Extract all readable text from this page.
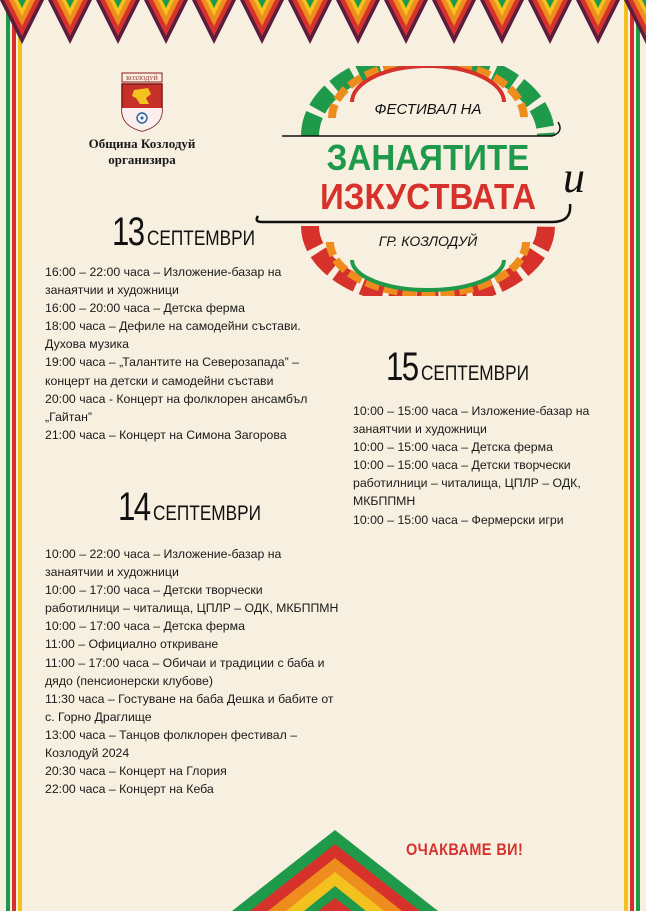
КОЗЛОДУЙ
Община Козлодуй
организира
ФЕСТИВАЛ НА
ЗАНАЯТИТЕ
ИЗКУСТВАТА и
ГР. КОЗЛОДУЙ
13 СЕПТЕМВРИ
16:00 – 22:00 часа – Изложение-базар на
занаятчии и художници
16:00 – 20:00 часа – Детска ферма
18:00 часа – Дефиле на самодейни състави.
Духова музика
19:00 часа – „Талантите на Северозапада” –
концерт на детски и самодейни състави
20:00 часа - Концерт на фолклорен ансамбъл
„Гайтан”
21:00 часа – Концерт на Симона Загорова
15 СЕПТЕМВРИ
10:00 – 15:00 часа – Изложение-базар на
занаятчии и художници
10:00 – 15:00 часа – Детска ферма
10:00 – 15:00 часа – Детски творчески
работилници – читалища, ЦПЛР – ОДК,
МКБППМН
10:00 – 15:00 часа – Фермерски игри
14 СЕПТЕМВРИ
10:00 – 22:00 часа – Изложение-базар на
занаятчии и художници
10:00 – 17:00 часа – Детски творчески
работилници – читалища, ЦПЛР – ОДК, МКБППМН
10:00 – 17:00 часа – Детска ферма
11:00 – Официално откриване
11:00 – 17:00 часа – Обичаи и традиции с баба и
дядо (пенсионерски клубове)
11:30 часа – Гостуване на баба Дешка и бабите от
с. Горно Драглище
13:00 часа – Танцов фолклорен фестивал –
Козлодуй 2024
20:30 часа – Концерт на Глория
22:00 часа – Концерт на Кеба
ОЧАКВАМЕ ВИ!
